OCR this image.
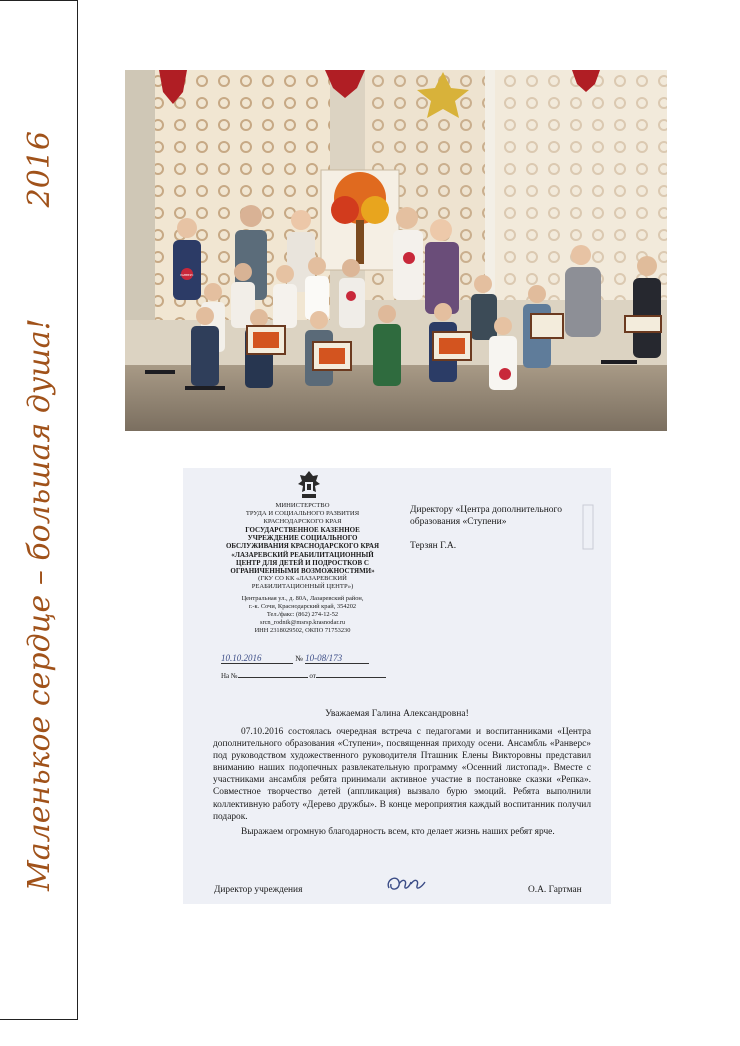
Маленькое сердце – большая душа!
2016
РАНВЕРС
МИНИСТЕРСТВО
ТРУДА И СОЦИАЛЬНОГО РАЗВИТИЯ
КРАСНОДАРСКОГО КРАЯ
ГОСУДАРСТВЕННОЕ КАЗЕННОЕ
УЧРЕЖДЕНИЕ СОЦИАЛЬНОГО
ОБСЛУЖИВАНИЯ КРАСНОДАРСКОГО КРАЯ
«ЛАЗАРЕВСКИЙ РЕАБИЛИТАЦИОННЫЙ
ЦЕНТР ДЛЯ ДЕТЕЙ И ПОДРОСТКОВ С
ОГРАНИЧЕННЫМИ ВОЗМОЖНОСТЯМИ»
(ГКУ СО КК «ЛАЗАРЕВСКИЙ
РЕАБИЛИТАЦИОННЫЙ ЦЕНТР»)
Центральная ул., д. 80А, Лазаревский район,
г.-к. Сочи, Краснодарский край, 354202
Тел./факс: (862) 274-12-52
srcn_rodnik@msrsp.krasnodar.ru
ИНН 2318029502, ОКПО 71753230
10.10.2016	№ 10-08/173
На №	от
Директору «Центра дополнительного
образования «Ступени»
Терзян Г.А.
Уважаемая Галина Александровна!

07.10.2016 состоялась очередная встреча с педагогами и воспитанниками «Центра дополнительного образования «Ступени», посвященная приходу осени. Ансамбль «Ранверс» под руководством художественного руководителя Пташник Елены Викторовны представил вниманию наших подопечных развлекательную программу «Осенний листопад». Вместе с участниками ансамбля ребята принимали активное участие в постановке сказки «Репка». Совместное творчество детей (аппликация) вызвало бурю эмоций. Ребята выполнили коллективную работу «Дерево дружбы». В конце мероприятия каждый воспитанник получил подарок.

Выражаем огромную благодарность всем, кто делает жизнь наших ребят ярче.

Директор учреждения	О.А. Гартман
